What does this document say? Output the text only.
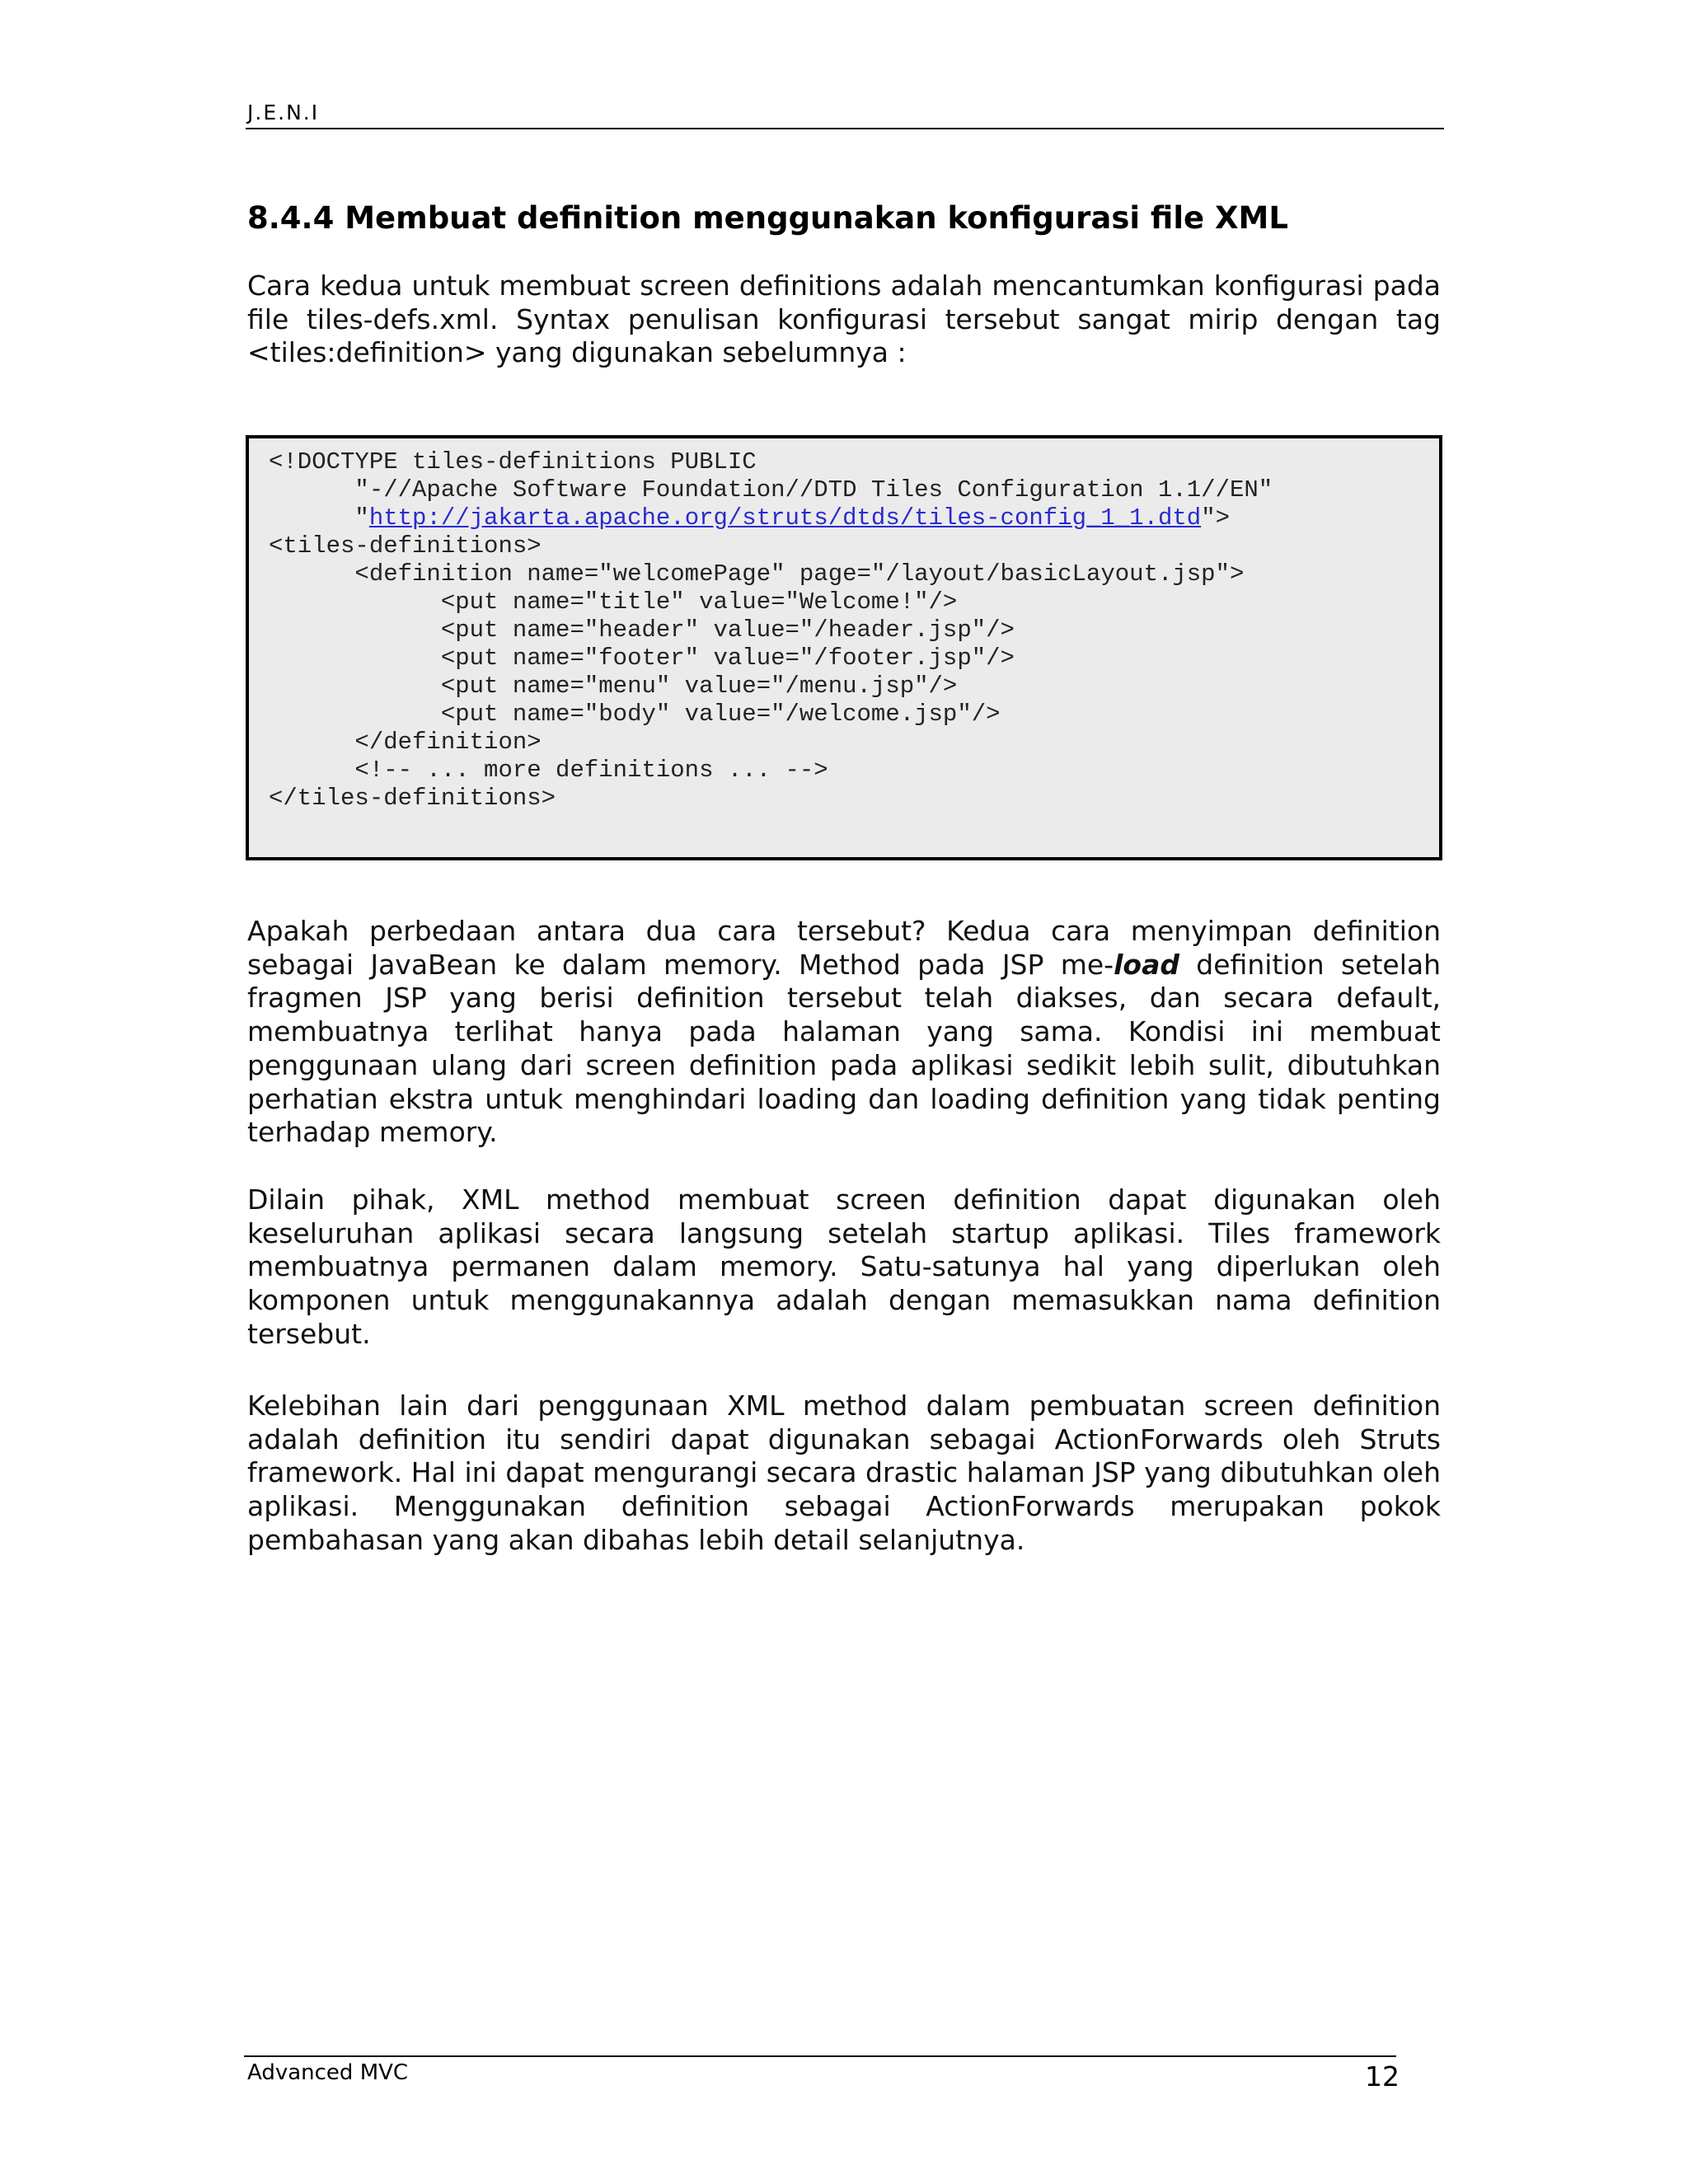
J.E.N.I
8.4.4 Membuat definition menggunakan konfigurasi file XML

Cara kedua untuk membuat screen definitions adalah mencantumkan konfigurasi pada file tiles-defs.xml. Syntax penulisan konfigurasi tersebut sangat mirip dengan tag <tiles:definition> yang digunakan sebelumnya :

<!DOCTYPE tiles-definitions PUBLIC
"-//Apache Software Foundation//DTD Tiles Configuration 1.1//EN"
"http://jakarta.apache.org/struts/dtds/tiles-config_1_1.dtd">
<tiles-definitions>
<definition name="welcomePage" page="/layout/basicLayout.jsp">
<put name="title" value="Welcome!"/>
<put name="header" value="/header.jsp"/>
<put name="footer" value="/footer.jsp"/>
<put name="menu" value="/menu.jsp"/>
<put name="body" value="/welcome.jsp"/>
</definition>
<!-- ... more definitions ... -->
</tiles-definitions>

Apakah perbedaan antara dua cara tersebut? Kedua cara menyimpan definition sebagai JavaBean ke dalam memory. Method pada JSP me-load definition setelah fragmen JSP yang berisi definition tersebut telah diakses, dan secara default, membuatnya terlihat hanya pada halaman yang sama. Kondisi ini membuat penggunaan ulang dari screen definition pada aplikasi sedikit lebih sulit, dibutuhkan perhatian ekstra untuk menghindari loading dan loading definition yang tidak penting terhadap memory.

Dilain pihak, XML method membuat screen definition dapat digunakan oleh keseluruhan aplikasi secara langsung setelah startup aplikasi. Tiles framework membuatnya permanen dalam memory. Satu-satunya hal yang diperlukan oleh komponen untuk menggunakannya adalah dengan memasukkan nama definition tersebut.

Kelebihan lain dari penggunaan XML method dalam pembuatan screen definition adalah definition itu sendiri dapat digunakan sebagai ActionForwards oleh Struts framework. Hal ini dapat mengurangi secara drastic halaman JSP yang dibutuhkan oleh aplikasi. Menggunakan definition sebagai ActionForwards merupakan pokok pembahasan yang akan dibahas lebih detail selanjutnya.

Advanced MVC	12
